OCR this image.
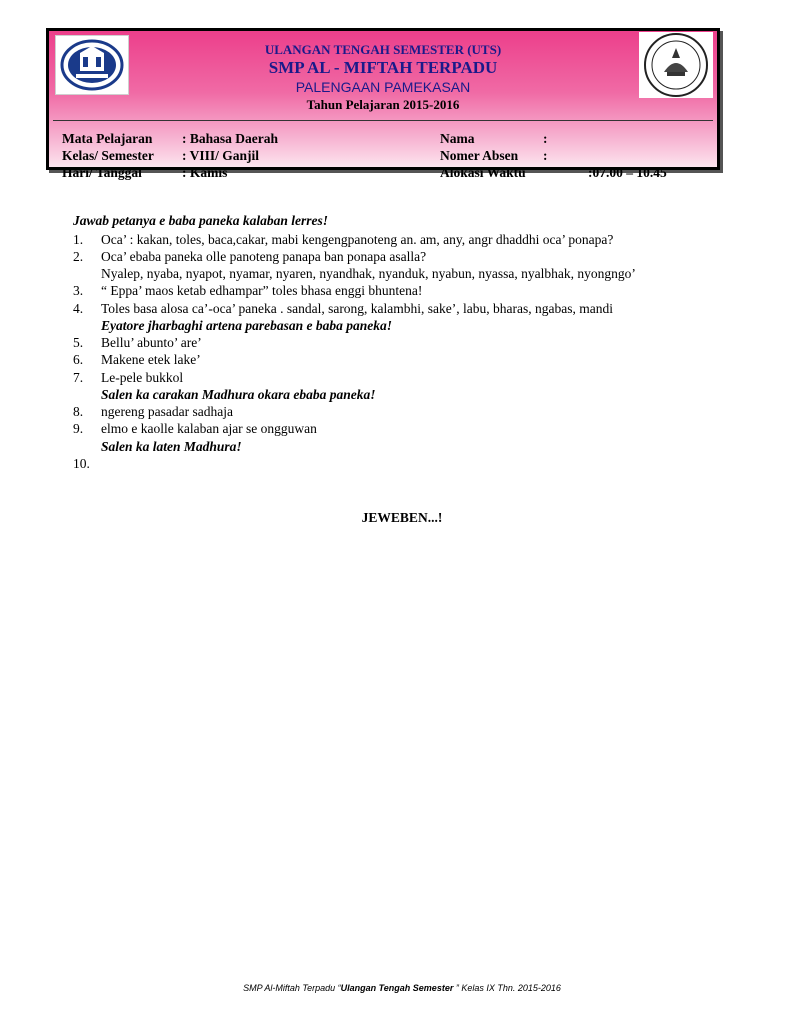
ULANGAN TENGAH SEMESTER (UTS)
SMP AL - MIFTAH TERPADU
PALENGAAN PAMEKASAN
Tahun Pelajaran 2015-2016
Mata Pelajaran : Bahasa Daerah	Nama	:
Kelas/ Semester : VIII/ Ganjil	Nomer Absen :
Hari/ Tanggal	: Kamis	Alokasi Waktu	:07.00 – 10.45
Jawab petanya e baba paneka kalaban lerres!
1. Oca’ : kakan, toles, baca,cakar, mabi kengengpanoteng an. am, any, angr dhaddhi oca’ ponapa?
2. Oca’ ebaba paneka olle panoteng panapa ban ponapa asalla?
Nyalep, nyaba, nyapot, nyamar, nyaren, nyandhak, nyanduk, nyabun, nyassa, nyalbhak, nyongngo’
3. “ Eppa’ maos ketab edhampar” toles bhasa enggi bhuntena!
4. Toles basa alosa ca’-oca’ paneka . sandal, sarong, kalambhi, sake’, labu, bharas, ngabas, mandi
Eyatore jharbaghi artena parebasan e baba paneka!
5. Bellu’ abunto’ are’
6. Makene etek lake’
7. Le-pele bukkol
Salen ka carakan Madhura okara ebaba paneka!
8. ngereng pasadar sadhaja
9. elmo e kaolle kalaban ajar se ongguwan
Salen ka laten Madhura!
10.
JEWEBEN...!
SMP Al-Miftah Terpadu “Ulangan Tengah Semester ” Kelas IX Thn. 2015-2016
